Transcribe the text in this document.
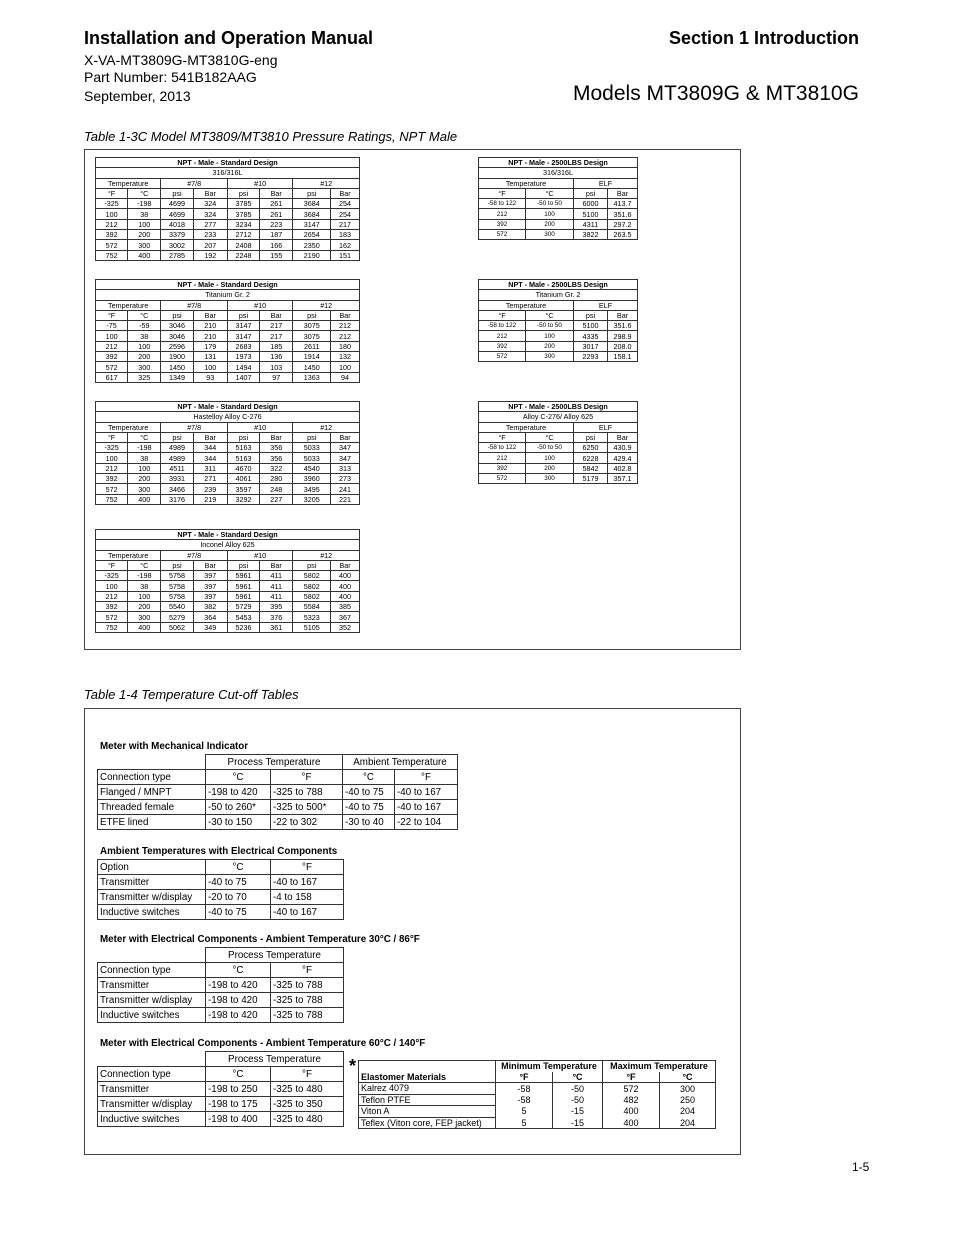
Installation and Operation Manual	Section 1 Introduction
X-VA-MT3809G-MT3810G-eng
Part Number: 541B182AAG
September, 2013	Models MT3809G & MT3810G
Table 1-3C Model MT3809/MT3810 Pressure Ratings, NPT Male
NPT - Male - Standard Design							
316/316L							
Temperature		#7/8		#10		#12	
°F	°C	psi	Bar	psi	Bar	psi	Bar
-325	-198	4699	324	3785	261	3684	254
100	38	4699	324	3785	261	3684	254
212	100	4018	277	3234	223	3147	217
392	200	3379	233	2712	187	2654	183
572	300	3002	207	2408	166	2350	162
752	400	2785	192	2248	155	2190	151
NPT - Male - Standard Design							
Titanium Gr. 2							
Temperature		#7/8		#10		#12	
°F	°C	psi	Bar	psi	Bar	psi	Bar
-75	-59	3046	210	3147	217	3075	212
100	38	3046	210	3147	217	3075	212
212	100	2596	179	2683	185	2611	180
392	200	1900	131	1973	136	1914	132
572	300	1450	100	1494	103	1450	100
617	325	1349	93	1407	97	1363	94
NPT - Male - Standard Design							
Hastelloy Alloy C-276							
Temperature		#7/8		#10		#12	
°F	°C	psi	Bar	psi	Bar	psi	Bar
-325	-198	4989	344	5163	356	5033	347
100	38	4989	344	5163	356	5033	347
212	100	4511	311	4670	322	4540	313
392	200	3931	271	4061	280	3960	273
572	300	3466	239	3597	248	3495	241
752	400	3176	219	3292	227	3205	221
NPT - Male - Standard Design							
Inconel Alloy 625							
Temperature		#7/8		#10		#12	
°F	°C	psi	Bar	psi	Bar	psi	Bar
-325	-198	5758	397	5961	411	5802	400
100	38	5758	397	5961	411	5802	400
212	100	5758	397	5961	411	5802	400
392	200	5540	382	5729	395	5584	385
572	300	5279	364	5453	376	5323	367
752	400	5062	349	5236	361	5105	352
NPT - Male - 2500LBS Design			
316/316L			
Temperature		ELF	
°F	°C	psi	Bar
-58 to 122	-50 to 50	6000	413.7
212	100	5100	351.6
392	200	4311	297.2
572	300	3822	263.5
NPT - Male - 2500LBS Design			
Titanium Gr. 2			
Temperature		ELF	
°F	°C	psi	Bar
-58 to 122	-50 to 50	5100	351.6
212	100	4335	298.9
392	200	3017	208.0
572	300	2293	158.1
NPT - Male - 2500LBS Design			
Alloy C-276/ Alloy 625			
Temperature		ELF	
°F	°C	psi	Bar
-58 to 122	-50 to 50	6250	430.9
212	100	6228	429.4
392	200	5842	402.8
572	300	5179	357.1
Table 1-4 Temperature Cut-off Tables
Meter with Mechanical Indicator
	Process Temperature		Ambient Temperature	
Connection type	°C	°F	°C	°F
Flanged / MNPT	-198 to 420	-325 to 788	-40 to 75	-40 to 167
Threaded female	-50 to 260*	-325 to 500*	-40 to 75	-40 to 167
ETFE lined	-30 to 150	-22 to 302	-30 to 40	-22 to 104
Ambient Temperatures with Electrical Components
Option	°C	°F
Transmitter	-40 to 75	-40 to 167
Transmitter w/display	-20 to 70	-4 to 158
Inductive switches	-40 to 75	-40 to 167
Meter with Electrical Components - Ambient Temperature 30°C / 86°F
	Process Temperature	
Connection type	°C	°F
Transmitter	-198 to 420	-325 to 788
Transmitter w/display	-198 to 420	-325 to 788
Inductive switches	-198 to 420	-325 to 788
Meter with Electrical Components - Ambient Temperature 60°C / 140°F
	Process Temperature	
Connection type	°C	°F
Transmitter	-198 to 250	-325 to 480
Transmitter w/display	-198 to 175	-325 to 350
Inductive switches	-198 to 400	-325 to 480
*
Elastomer Materials	Minimum Temperature		Maximum Temperature	
	°F	°C	°F	°C
Kalrez 4079	-58	-50	572	300
Teflon PTFE	-58	-50	482	250
Viton A	5	-15	400	204
Teflex (Viton core, FEP jacket)	5	-15	400	204
1-5
